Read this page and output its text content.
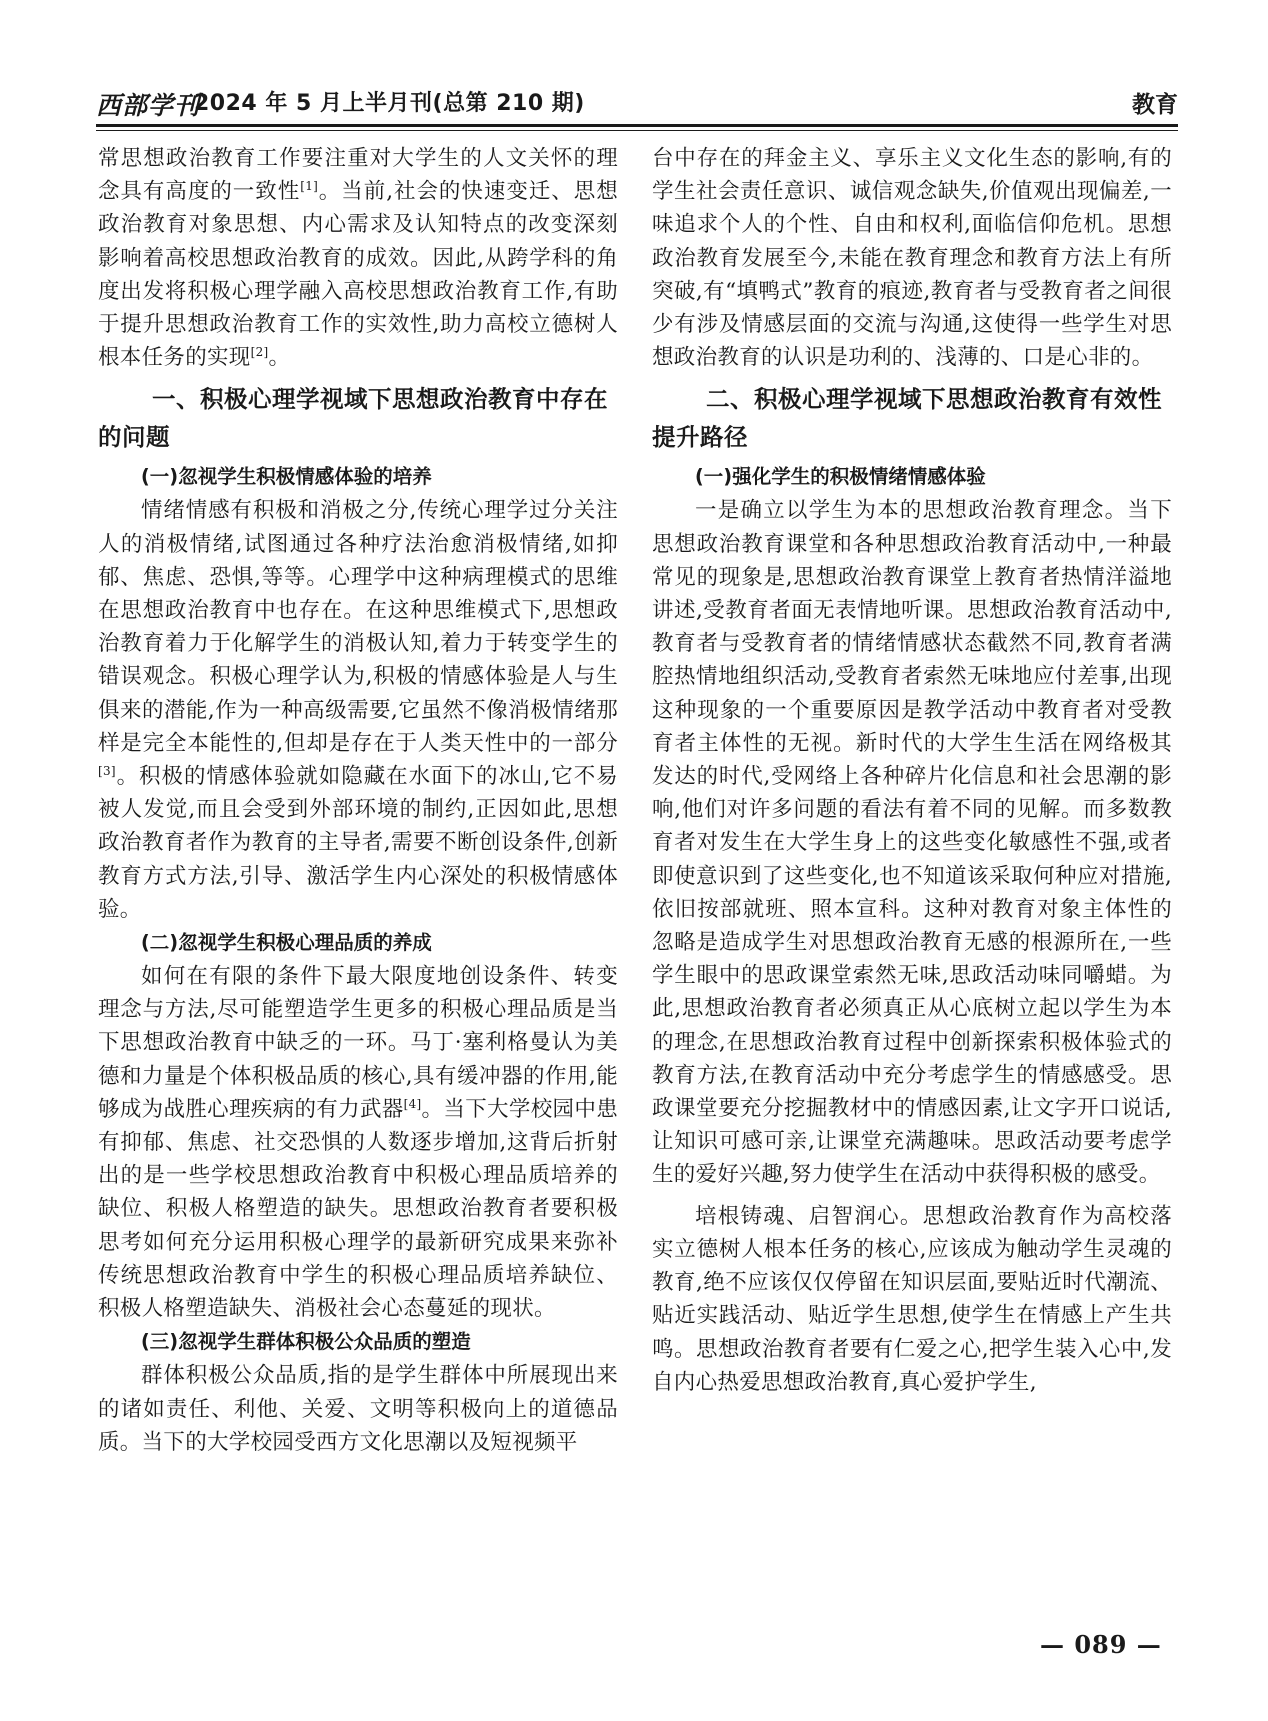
西部学刊
2024 年 5 月上半月刊(总第 210 期)	教育

常思想政治教育工作要注重对大学生的人文关怀的理念具有高度的一致性[1]。当前,社会的快速变迁、思想政治教育对象思想、内心需求及认知特点的改变深刻影响着高校思想政治教育的成效。因此,从跨学科的角度出发将积极心理学融入高校思想政治教育工作,有助于提升思想政治教育工作的实效性,助力高校立德树人根本任务的实现[2]。

一、积极心理学视域下思想政治教育中存在的问题
(一)忽视学生积极情感体验的培养

情绪情感有积极和消极之分,传统心理学过分关注人的消极情绪,试图通过各种疗法治愈消极情绪,如抑郁、焦虑、恐惧,等等。心理学中这种病理模式的思维在思想政治教育中也存在。在这种思维模式下,思想政治教育着力于化解学生的消极认知,着力于转变学生的错误观念。积极心理学认为,积极的情感体验是人与生俱来的潜能,作为一种高级需要,它虽然不像消极情绪那样是完全本能性的,但却是存在于人类天性中的一部分[3]。积极的情感体验就如隐藏在水面下的冰山,它不易被人发觉,而且会受到外部环境的制约,正因如此,思想政治教育者作为教育的主导者,需要不断创设条件,创新教育方式方法,引导、激活学生内心深处的积极情感体验。

(二)忽视学生积极心理品质的养成

如何在有限的条件下最大限度地创设条件、转变理念与方法,尽可能塑造学生更多的积极心理品质是当下思想政治教育中缺乏的一环。马丁·塞利格曼认为美德和力量是个体积极品质的核心,具有缓冲器的作用,能够成为战胜心理疾病的有力武器[4]。当下大学校园中患有抑郁、焦虑、社交恐惧的人数逐步增加,这背后折射出的是一些学校思想政治教育中积极心理品质培养的缺位、积极人格塑造的缺失。思想政治教育者要积极思考如何充分运用积极心理学的最新研究成果来弥补传统思想政治教育中学生的积极心理品质培养缺位、积极人格塑造缺失、消极社会心态蔓延的现状。

(三)忽视学生群体积极公众品质的塑造

群体积极公众品质,指的是学生群体中所展现出来的诸如责任、利他、关爱、文明等积极向上的道德品质。当下的大学校园受西方文化思潮以及短视频平

台中存在的拜金主义、享乐主义文化生态的影响,有的学生社会责任意识、诚信观念缺失,价值观出现偏差,一味追求个人的个性、自由和权利,面临信仰危机。思想政治教育发展至今,未能在教育理念和教育方法上有所突破,有“填鸭式”教育的痕迹,教育者与受教育者之间很少有涉及情感层面的交流与沟通,这使得一些学生对思想政治教育的认识是功利的、浅薄的、口是心非的。

二、积极心理学视域下思想政治教育有效性提升路径
(一)强化学生的积极情绪情感体验

一是确立以学生为本的思想政治教育理念。当下思想政治教育课堂和各种思想政治教育活动中,一种最常见的现象是,思想政治教育课堂上教育者热情洋溢地讲述,受教育者面无表情地听课。思想政治教育活动中,教育者与受教育者的情绪情感状态截然不同,教育者满腔热情地组织活动,受教育者索然无味地应付差事,出现这种现象的一个重要原因是教学活动中教育者对受教育者主体性的无视。新时代的大学生生活在网络极其发达的时代,受网络上各种碎片化信息和社会思潮的影响,他们对许多问题的看法有着不同的见解。而多数教育者对发生在大学生身上的这些变化敏感性不强,或者即使意识到了这些变化,也不知道该采取何种应对措施,依旧按部就班、照本宣科。这种对教育对象主体性的忽略是造成学生对思想政治教育无感的根源所在,一些学生眼中的思政课堂索然无味,思政活动味同嚼蜡。为此,思想政治教育者必须真正从心底树立起以学生为本的理念,在思想政治教育过程中创新探索积极体验式的教育方法,在教育活动中充分考虑学生的情感感受。思政课堂要充分挖掘教材中的情感因素,让文字开口说话,让知识可感可亲,让课堂充满趣味。思政活动要考虑学生的爱好兴趣,努力使学生在活动中获得积极的感受。

培根铸魂、启智润心。思想政治教育作为高校落实立德树人根本任务的核心,应该成为触动学生灵魂的教育,绝不应该仅仅停留在知识层面,要贴近时代潮流、贴近实践活动、贴近学生思想,使学生在情感上产生共鸣。思想政治教育者要有仁爱之心,把学生装入心中,发自内心热爱思想政治教育,真心爱护学生,

— 089 —
